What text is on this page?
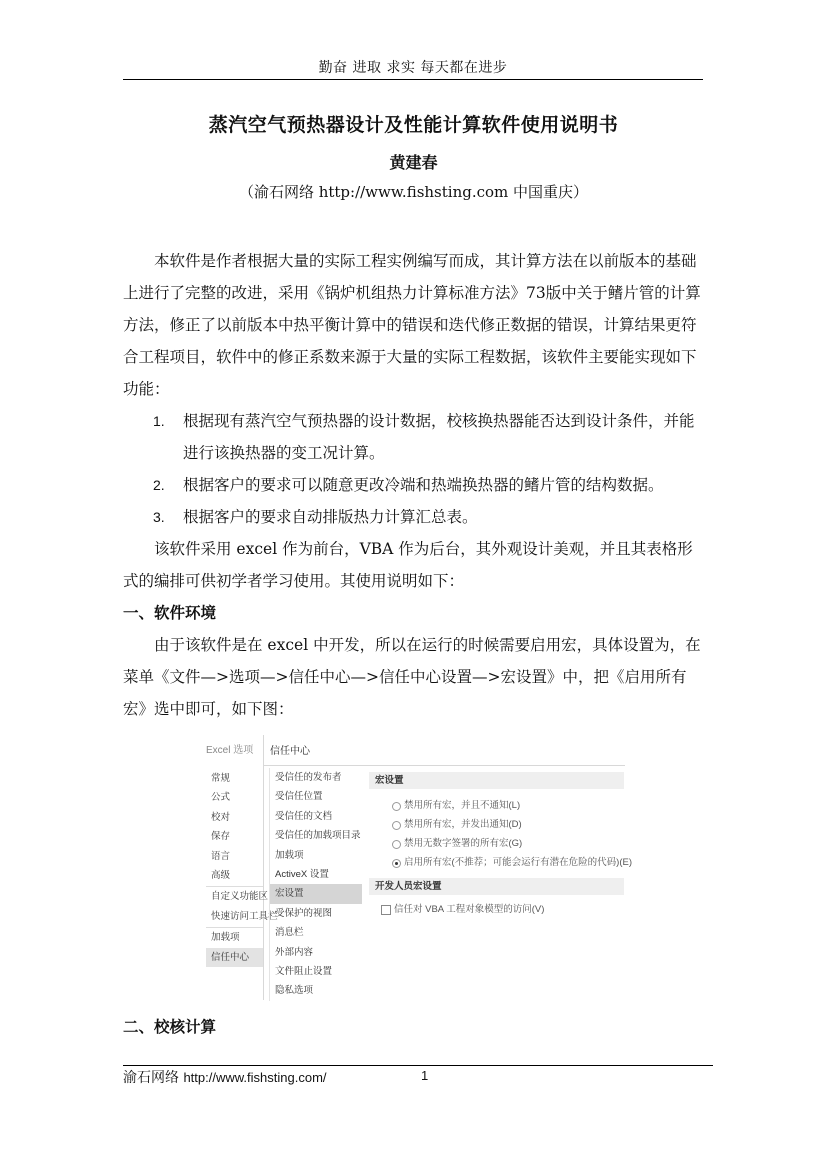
勤奋 进取 求实 每天都在进步
蒸汽空气预热器设计及性能计算软件使用说明书
黄建春
（渝石网络 http://www.fishsting.com 中国重庆）

本软件是作者根据大量的实际工程实例编写而成，其计算方法在以前版本的基础上进行了完整的改进，采用《锅炉机组热力计算标准方法》73版中关于鳍片管的计算方法，修正了以前版本中热平衡计算中的错误和迭代修正数据的错误，计算结果更符合工程项目，软件中的修正系数来源于大量的实际工程数据，该软件主要能实现如下功能：

1.	根据现有蒸汽空气预热器的设计数据，校核换热器能否达到设计条件，并能进行该换热器的变工况计算。
2.	根据客户的要求可以随意更改冷端和热端换热器的鳍片管的结构数据。
3.	根据客户的要求自动排版热力计算汇总表。

该软件采用 excel 作为前台，VBA 作为后台，其外观设计美观，并且其表格形式的编排可供初学者学习使用。其使用说明如下：

一、软件环境

由于该软件是在 excel 中开发，所以在运行的时候需要启用宏，具体设置为，在菜单《文件—>选项—>信任中心—>信任中心设置—>宏设置》中，把《启用所有宏》选中即可，如下图：

Excel 选项 信任中心
常规
公式
校对
保存
语言
高级
自定义功能区
快速访问工具栏
加载项
信任中心
受信任的发布者
受信任位置
受信任的文档
受信任的加载项目录
加载项
ActiveX 设置
宏设置
受保护的视图
消息栏
外部内容
文件阻止设置
隐私选项
宏设置
禁用所有宏，并且不通知(L)
禁用所有宏，并发出通知(D)
禁用无数字签署的所有宏(G)
启用所有宏(不推荐；可能会运行有潜在危险的代码)(E)
开发人员宏设置
信任对 VBA 工程对象模型的访问(V)

二、校核计算

渝石网络 http://www.fishsting.com/	1
